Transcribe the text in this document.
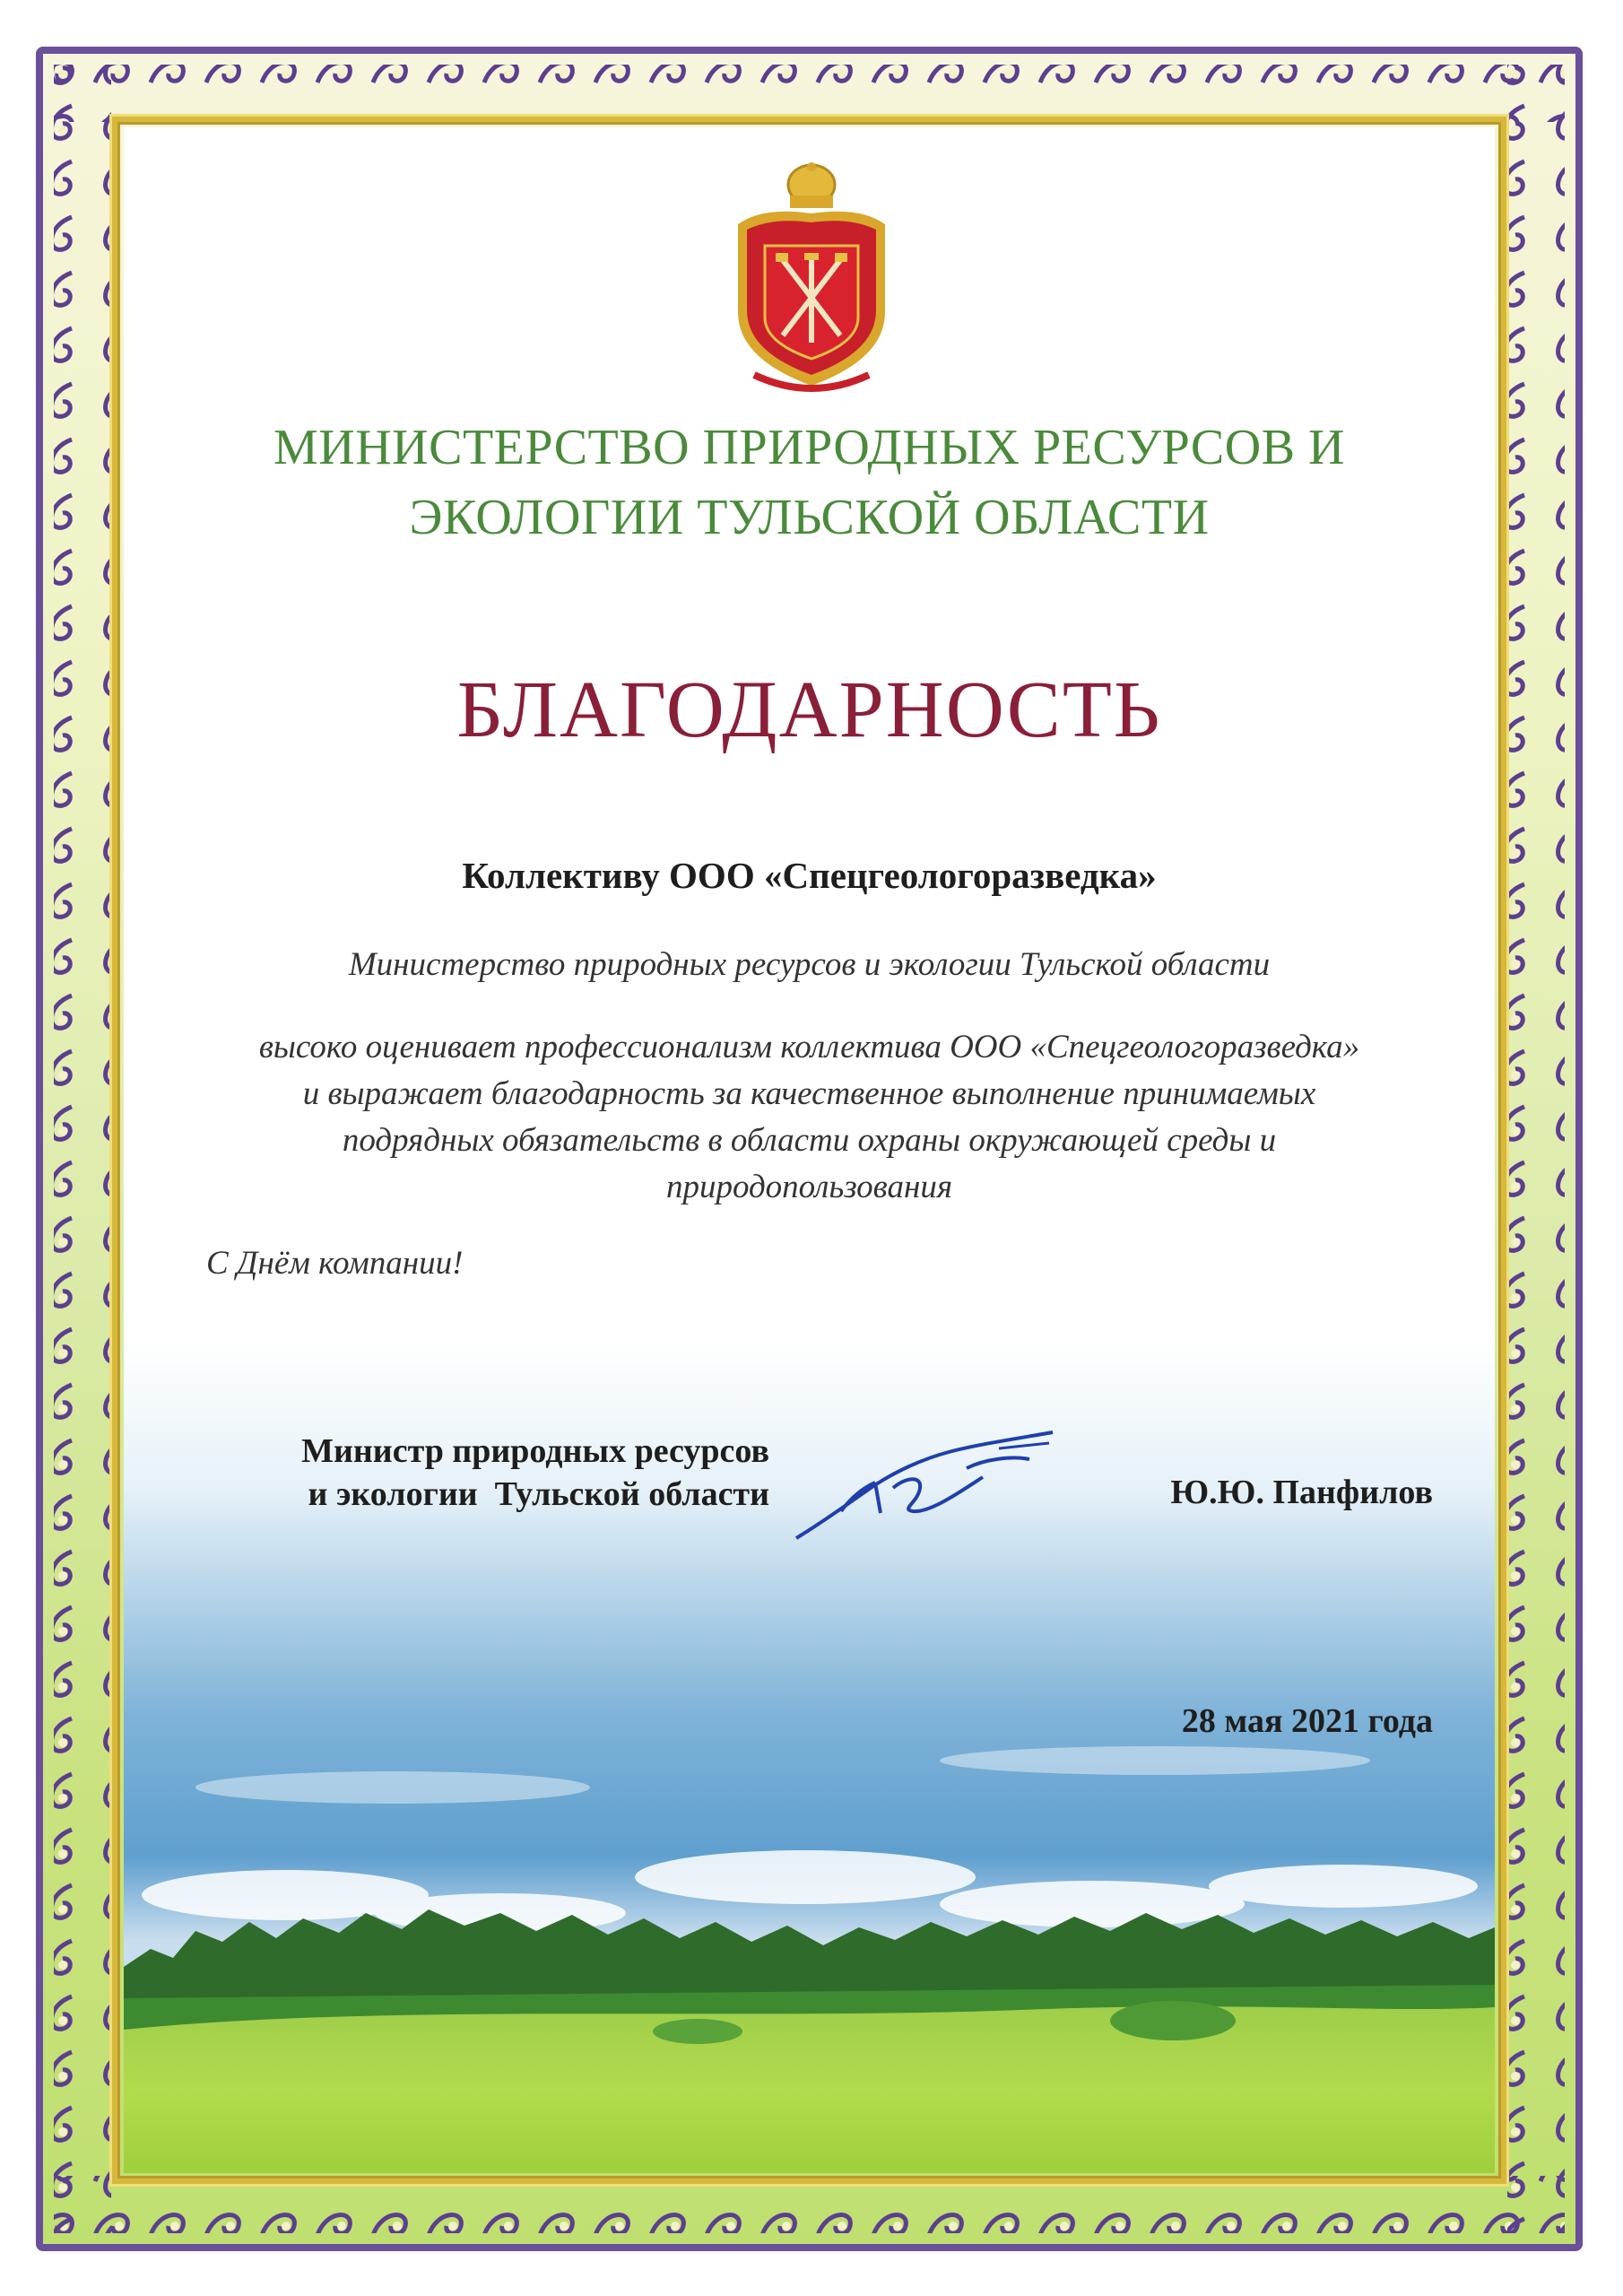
МИНИСТЕРСТВО ПРИРОДНЫХ РЕСУРСОВ И
ЭКОЛОГИИ ТУЛЬСКОЙ ОБЛАСТИ
БЛАГОДАРНОСТЬ
Коллективу ООО «Спецгеологоразведка»
Министерство природных ресурсов и экологии Тульской области
высоко оценивает профессионализм коллектива ООО «Спецгеологоразведка»
и выражает благодарность за качественное выполнение принимаемых
подрядных обязательств в области охраны окружающей среды и
природопользования
С Днём компании!
Министр природных ресурсов
и экологии  Тульской области	Ю.Ю. Панфилов
28 мая 2021 года
